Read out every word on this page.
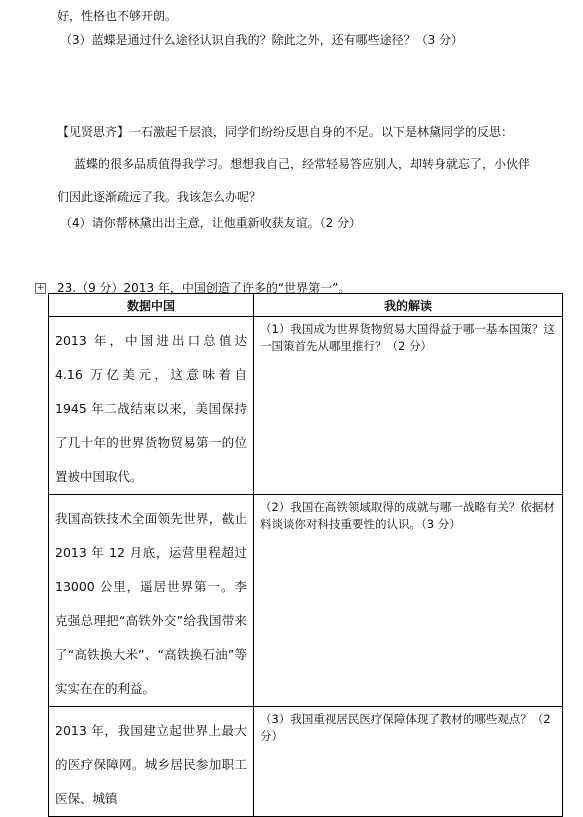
好，性格也不够开朗。
（3）蓝蝶是通过什么途径认识自我的？除此之外，还有哪些途径？（3 分）
【见贤思齐】一石激起千层浪，同学们纷纷反思自身的不足。以下是林黛同学的反思：
蓝蝶的很多品质值得我学习。想想我自己，经常轻易答应别人，却转身就忘了，小伙伴
们因此逐渐疏远了我。我该怎么办呢？
（4）请你帮林黛出出主意，让他重新收获友谊。（2 分）
+ 23.（9 分）2013 年，中国创造了许多的“世界第一”。
数据中国	我的解读
2013 年，中国进出口总值达 4.16 万亿美元，这意味着自 1945 年二战结束以来，美国保持了几十年的世界货物贸易第一的位置被中国取代。	（1）我国成为世界货物贸易大国得益于哪一基本国策？这一国策首先从哪里推行？（2 分）
我国高铁技术全面领先世界，截止 2013 年 12 月底，运营里程超过 13000 公里，遥居世界第一。李克强总理把“高铁外交”给我国带来了“高铁换大米”、“高铁换石油”等实实在在的利益。	（2）我国在高铁领域取得的成就与哪一战略有关？依据材料谈谈你对科技重要性的认识。（3 分）
2013 年，我国建立起世界上最大的医疗保障网。城乡居民参加职工医保、城镇	（3）我国重视居民医疗保障体现了教材的哪些观点？（2 分）
